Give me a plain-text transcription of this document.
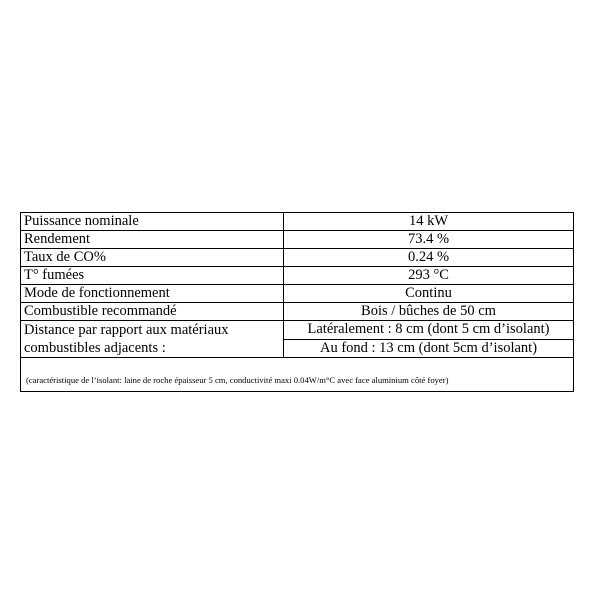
Puissance nominale	14 kW
Rendement	73.4 %
Taux de CO%	0.24 %
T° fumées	293 °C
Mode de fonctionnement	Continu
Combustible recommandé	Bois / bûches de 50 cm

Distance par rapport aux matériaux
combustibles adjacents :	Latéralement : 8 cm (dont 5 cm d’isolant)
	Au fond : 13 cm (dont 5cm d’isolant)
(caractéristique de l’isolant: laine de roche épaisseur 5 cm, conductivité maxi 0.04W/m°C avec face aluminium côté foyer)
